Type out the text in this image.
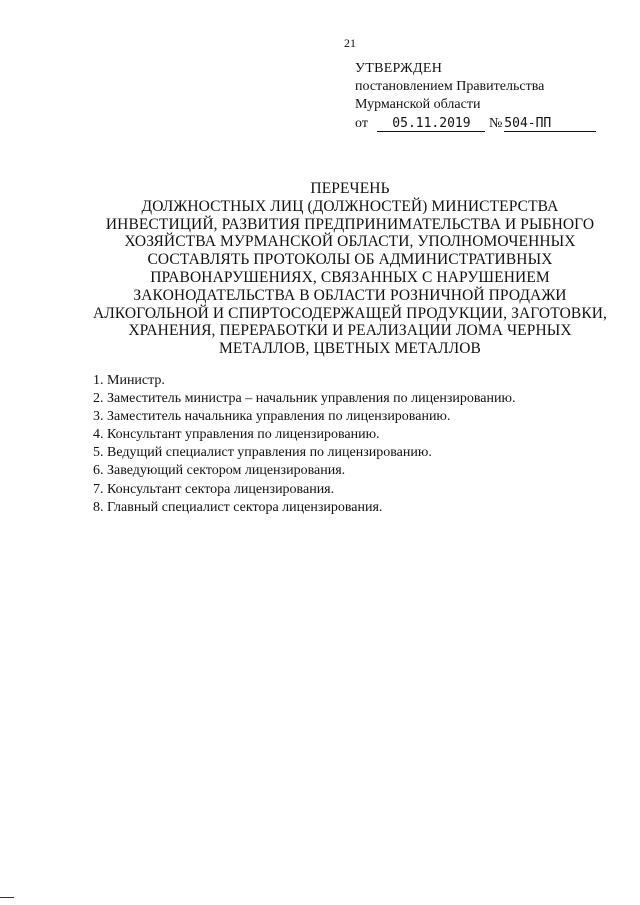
21
УТВЕРЖДЕН
постановлением Правительства
Мурманской области
от 05.11.2019 № 504-ПП
ПЕРЕЧЕНЬ
ДОЛЖНОСТНЫХ ЛИЦ (ДОЛЖНОСТЕЙ) МИНИСТЕРСТВА
ИНВЕСТИЦИЙ, РАЗВИТИЯ ПРЕДПРИНИМАТЕЛЬСТВА И РЫБНОГО
ХОЗЯЙСТВА МУРМАНСКОЙ ОБЛАСТИ, УПОЛНОМОЧЕННЫХ
СОСТАВЛЯТЬ ПРОТОКОЛЫ ОБ АДМИНИСТРАТИВНЫХ
ПРАВОНАРУШЕНИЯХ, СВЯЗАННЫХ С НАРУШЕНИЕМ
ЗАКОНОДАТЕЛЬСТВА В ОБЛАСТИ РОЗНИЧНОЙ ПРОДАЖИ
АЛКОГОЛЬНОЙ И СПИРТОСОДЕРЖАЩЕЙ ПРОДУКЦИИ, ЗАГОТОВКИ,
ХРАНЕНИЯ, ПЕРЕРАБОТКИ И РЕАЛИЗАЦИИ ЛОМА ЧЕРНЫХ
МЕТАЛЛОВ, ЦВЕТНЫХ МЕТАЛЛОВ
1. Министр.
2. Заместитель министра – начальник управления по лицензированию.
3. Заместитель начальника управления по лицензированию.
4. Консультант управления по лицензированию.
5. Ведущий специалист управления по лицензированию.
6. Заведующий сектором лицензирования.
7. Консультант сектора лицензирования.
8. Главный специалист сектора лицензирования.
